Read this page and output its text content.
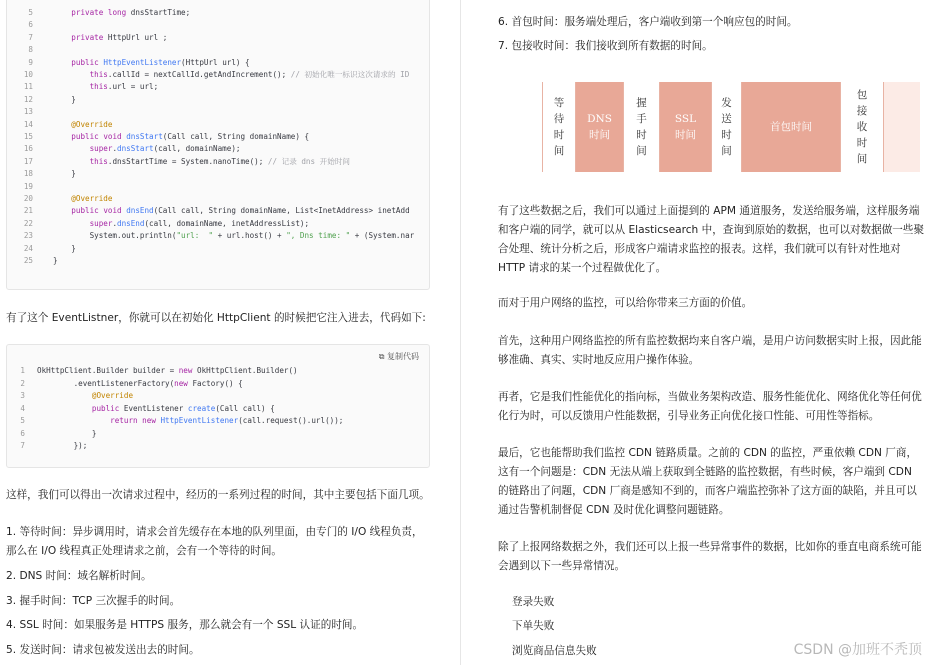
5	private long dnsStartTime;
6
7	private HttpUrl url ;
8
9	public HttpEventListener(HttpUrl url) {
10	this.callId = nextCallId.getAndIncrement(); // 初始化唯一标识这次请求的 ID
11	this.url = url;
12	}
13
14	@Override
15	public void dnsStart(Call call, String domainName) {
16	super.dnsStart(call, domainName);
17	this.dnsStartTime = System.nanoTime(); // 记录 dns 开始时间
18	}
19
20	@Override
21	public void dnsEnd(Call call, String domainName, List<InetAddress> inetAdd
22	super.dnsEnd(call, domainName, inetAddressList);
23	System.out.println("url:  " + url.host() + ", Dns time: " + (System.nar
24	}
25	}
有了这个 EventListner，你就可以在初始化 HttpClient 的时候把它注入进去，代码如下:
⧉ 复制代码
1 OkHttpClient.Builder builder = new OkHttpClient.Builder()
2        .eventListenerFactory(new Factory() {
3	@Override
4	public EventListener create(Call call) {
5	return new HttpEventListener(call.request().url());
6            }
7        });
这样，我们可以得出一次请求过程中，经历的一系列过程的时间，其中主要包括下面几项。
1. 等待时间：异步调用时，请求会首先缓存在本地的队列里面，由专门的 I/O 线程负责，
那么在 I/O 线程真正处理请求之前，会有一个等待的时间。
2. DNS 时间：域名解析时间。
3. 握手时间：TCP 三次握手的时间。
4. SSL 时间：如果服务是 HTTPS 服务，那么就会有一个 SSL 认证的时间。
5. 发送时间：请求包被发送出去的时间。
6. 首包时间：服务端处理后，客户端收到第一个响应包的时间。
7. 包接收时间：我们接收到所有数据的时间。
等待时间
DNS时间
握手时间
SSL时间
发送时间
首包时间
包接收时间
有了这些数据之后，我们可以通过上面提到的 APM 通道服务，发送给服务端，这样服务端
和客户端的同学，就可以从 Elasticsearch 中，查询到原始的数据，也可以对数据做一些聚
合处理、统计分析之后，形成客户端请求监控的报表。这样，我们就可以有针对性地对
HTTP 请求的某一个过程做优化了。
而对于用户网络的监控，可以给你带来三方面的价值。
首先，这种用户网络监控的所有监控数据均来自客户端，是用户访问数据实时上报，因此能
够准确、真实、实时地反应用户操作体验。
再者，它是我们性能优化的指向标，当做业务架构改造、服务性能优化、网络优化等任何优
化行为时，可以反馈用户性能数据，引导业务正向优化接口性能、可用性等指标。
最后，它也能帮助我们监控 CDN 链路质量。之前的 CDN 的监控，严重依赖 CDN 厂商，
这有一个问题是：CDN 无法从端上获取到全链路的监控数据，有些时候，客户端到 CDN
的链路出了问题，CDN 厂商是感知不到的，而客户端监控弥补了这方面的缺陷，并且可以
通过告警机制督促 CDN 及时优化调整问题链路。
除了上报网络数据之外，我们还可以上报一些异常事件的数据，比如你的垂直电商系统可能
会遇到以下一些异常情况。
登录失败
下单失败
浏览商品信息失败	CSDN @加班不秃顶
